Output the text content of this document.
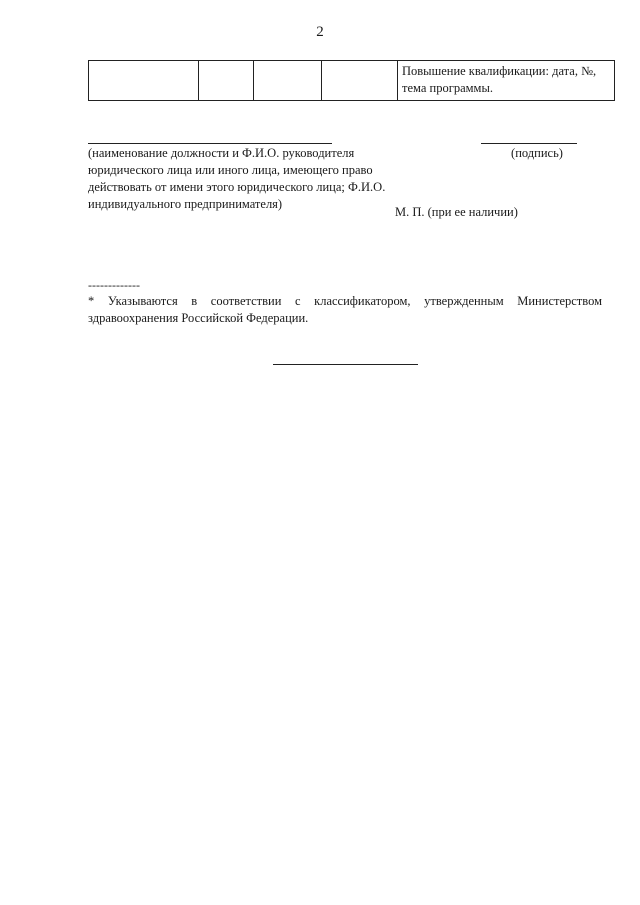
2
				Повышение квалификации: дата, №, тема программы.
(наименование должности и Ф.И.О. руководителя юридического лица или иного лица, имеющего право действовать от имени этого юридического лица; Ф.И.О. индивидуального предпринимателя)
(подпись)
М. П. (при ее наличии)
-------------
* Указываются в соответствии с классификатором, утвержденным Министерством здравоохранения Российской Федерации.
